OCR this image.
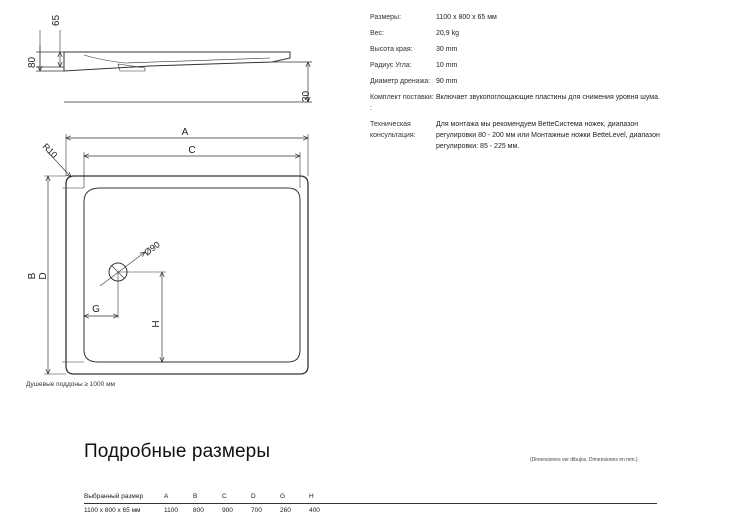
65
80
30
A
C
B D
R10
Ø90
G
H
Размеры:	1100 x 800 x 65 мм
Вес:	20,9 kg
Высота края:	30 mm
Радиус Угла:	10 mm
Диаметр дренажа: 90 mm
Комплект поставки: :
Включает звукопоглощающие пластины для снижения уровня шума.
Техническая консультация:
Для монтажа мы рекомендуем BetteСистема ножек, диапазон регулировки 80 - 200 мм или Монтажные ножки BetteLevel, диапазон регулировки: 85 - 225 мм.
Душевые поддоны ≥ 1000 мм
Подробные размеры	(Dimensiones ver dibujos. Dimensiones en mm.)
Выбранный размер	A	B	C	D	G	H
1100 x 800 x 65 мм	1100	800	900	700	260	400
